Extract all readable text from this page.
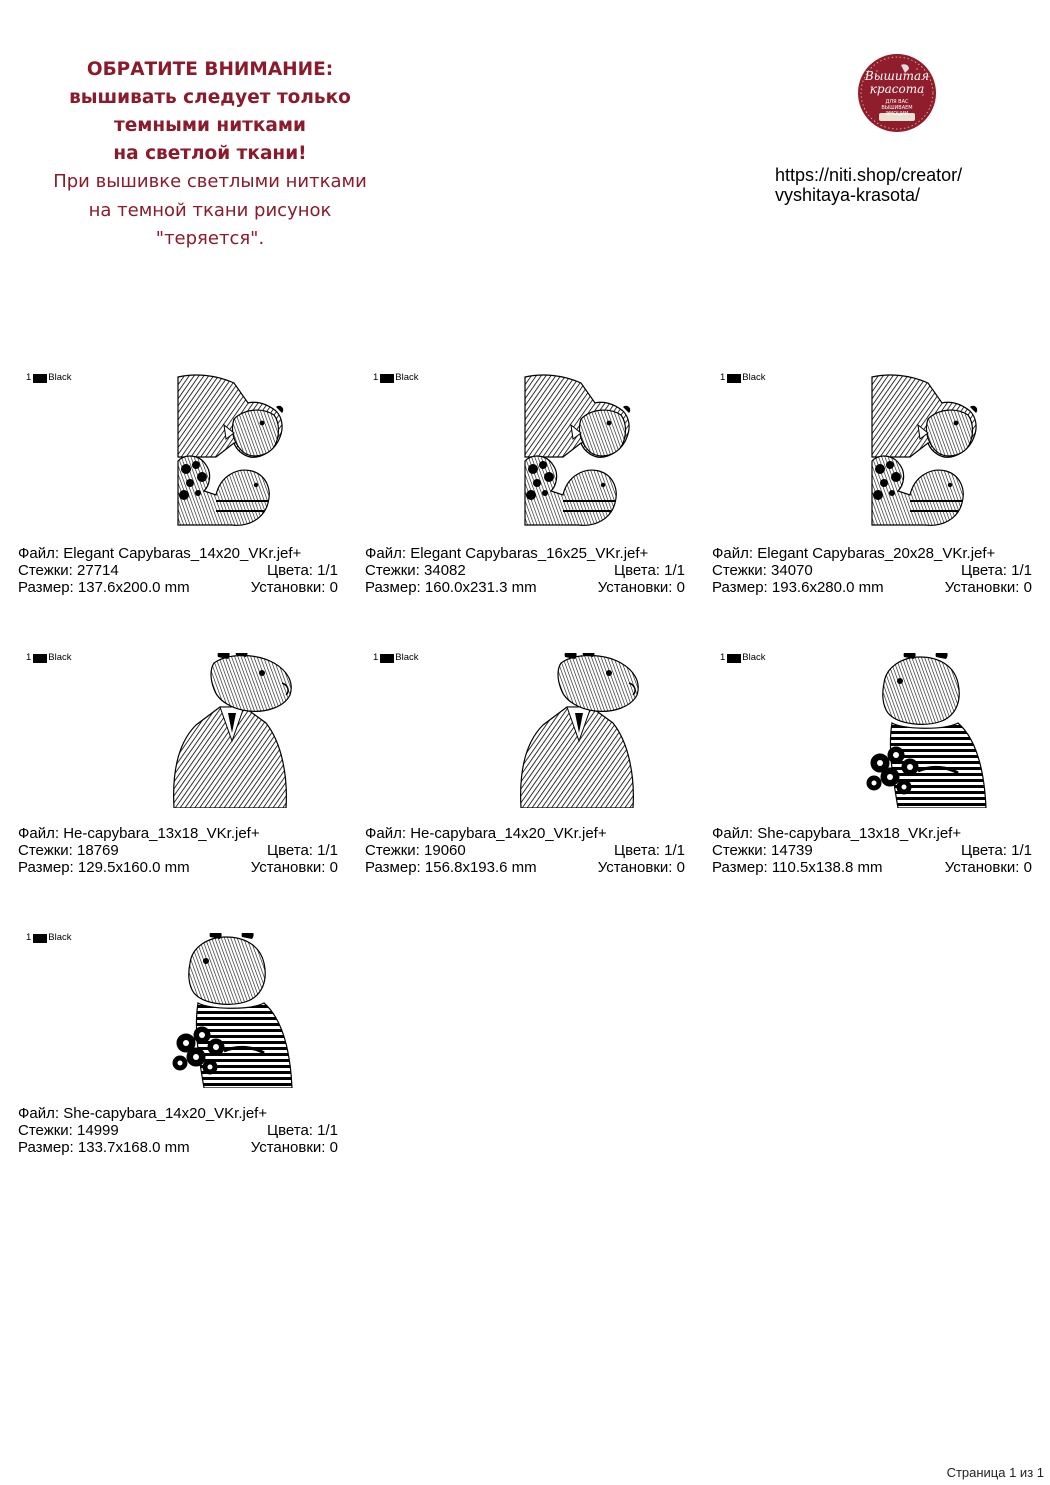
ОБРАТИТЕ ВНИМАНИЕ:
вышивать следует только
темными нитками
на светлой ткани!
При вышивке светлыми нитками
на темной ткани рисунок
"теряется".
Вышитая
красота
ДЛЯ ВАС ВЫШИВАЕМ ЭМОЦИИ
https://niti.shop/creator/
vyshitaya-krasota/
1 Black
Файл: Elegant Capybaras_14x20_VKr.jef+
Стежки: 27714	Цвета: 1/1
Размер: 137.6x200.0 mm	Установки: 0
1 Black
Файл: Elegant Capybaras_16x25_VKr.jef+
Стежки: 34082	Цвета: 1/1
Размер: 160.0x231.3 mm	Установки: 0
1 Black
Файл: Elegant Capybaras_20x28_VKr.jef+
Стежки: 34070	Цвета: 1/1
Размер: 193.6x280.0 mm	Установки: 0
1 Black
Файл: He-capybara_13x18_VKr.jef+
Стежки: 18769	Цвета: 1/1
Размер: 129.5x160.0 mm	Установки: 0
1 Black
Файл: He-capybara_14x20_VKr.jef+
Стежки: 19060	Цвета: 1/1
Размер: 156.8x193.6 mm	Установки: 0
1 Black
Файл: She-capybara_13x18_VKr.jef+
Стежки: 14739	Цвета: 1/1
Размер: 110.5x138.8 mm	Установки: 0
1 Black
Файл: She-capybara_14x20_VKr.jef+
Стежки: 14999	Цвета: 1/1
Размер: 133.7x168.0 mm	Установки: 0
Страница 1 из 1
